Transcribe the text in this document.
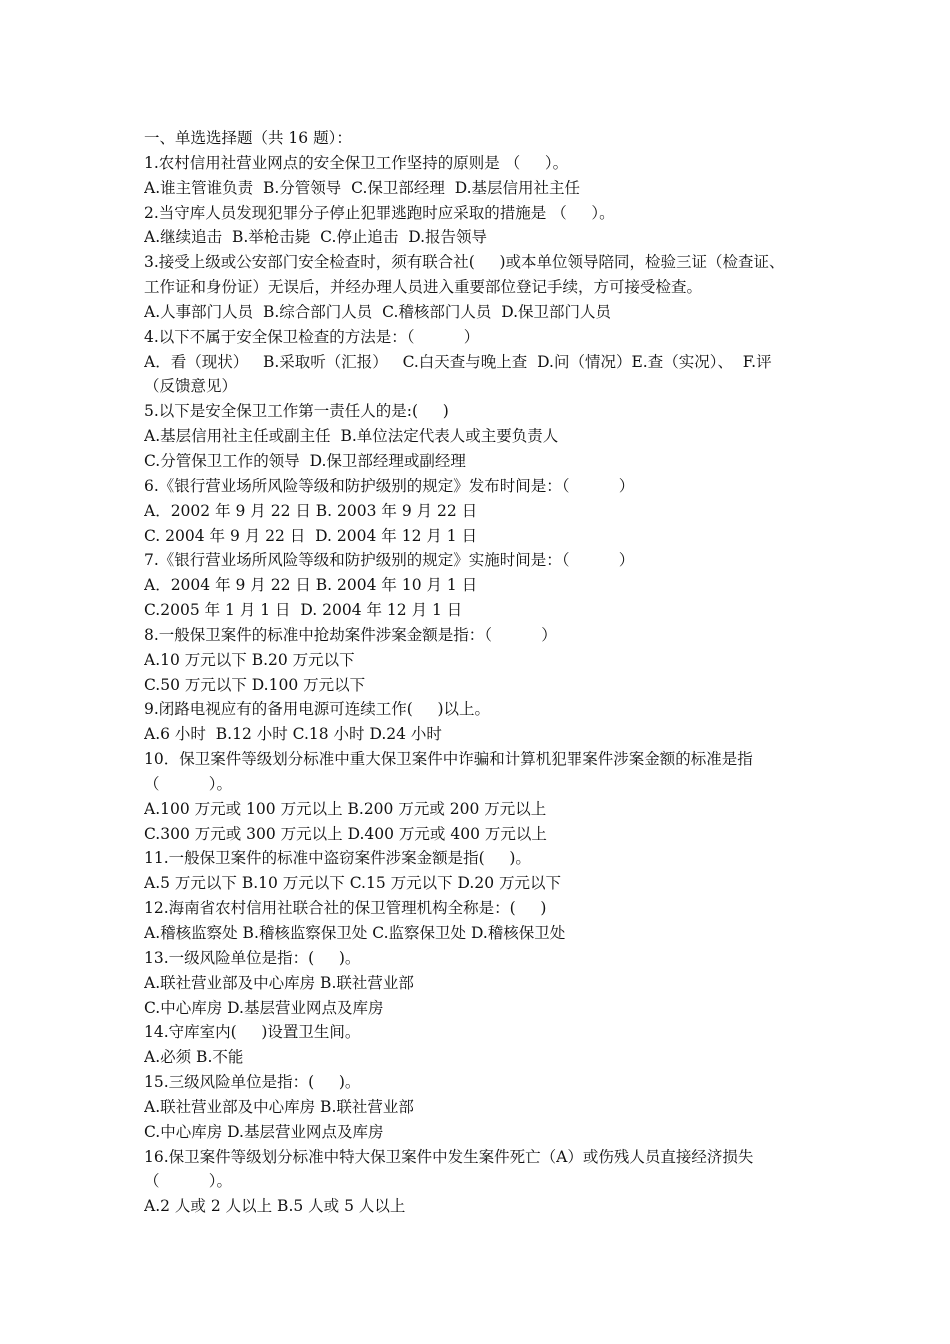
一、单选选择题（共 16 题）：
1.农村信用社营业网点的安全保卫工作坚持的原则是 （     ）。
A.谁主管谁负责  B.分管领导  C.保卫部经理  D.基层信用社主任
2.当守库人员发现犯罪分子停止犯罪逃跑时应采取的措施是 （     ）。
A.继续追击  B.举枪击毙  C.停止追击  D.报告领导
3.接受上级或公安部门安全检查时，须有联合社(     )或本单位领导陪同，检验三证（检查证、
工作证和身份证）无误后，并经办理人员进入重要部位登记手续，方可接受检查。
A.人事部门人员  B.综合部门人员  C.稽核部门人员  D.保卫部门人员
4.以下不属于安全保卫检查的方法是：（          ）
A．看（现状）   B.采取听（汇报）   C.白天查与晚上查  D.问（情况）E.查（实况）、  F.评
（反馈意见）
5.以下是安全保卫工作第一责任人的是:(     )
A.基层信用社主任或副主任  B.单位法定代表人或主要负责人
C.分管保卫工作的领导  D.保卫部经理或副经理
6.《银行营业场所风险等级和防护级别的规定》发布时间是：（          ）
A．2002 年 9 月 22 日 B. 2003 年 9 月 22 日
C. 2004 年 9 月 22 日  D. 2004 年 12 月 1 日
7.《银行营业场所风险等级和防护级别的规定》实施时间是：（          ）
A．2004 年 9 月 22 日 B. 2004 年 10 月 1 日
C.2005 年 1 月 1 日  D. 2004 年 12 月 1 日
8.一般保卫案件的标准中抢劫案件涉案金额是指：（          ）
A.10 万元以下 B.20 万元以下
C.50 万元以下 D.100 万元以下
9.闭路电视应有的备用电源可连续工作(     )以上。
A.6 小时  B.12 小时 C.18 小时 D.24 小时
10．保卫案件等级划分标准中重大保卫案件中诈骗和计算机犯罪案件涉案金额的标准是指
（          ）。
A.100 万元或 100 万元以上 B.200 万元或 200 万元以上
C.300 万元或 300 万元以上 D.400 万元或 400 万元以上
11.一般保卫案件的标准中盗窃案件涉案金额是指(     )。
A.5 万元以下 B.10 万元以下 C.15 万元以下 D.20 万元以下
12.海南省农村信用社联合社的保卫管理机构全称是：(     )
A.稽核监察处 B.稽核监察保卫处 C.监察保卫处 D.稽核保卫处
13.一级风险单位是指：(     )。
A.联社营业部及中心库房 B.联社营业部
C.中心库房 D.基层营业网点及库房
14.守库室内(     )设置卫生间。
A.必须 B.不能
15.三级风险单位是指：(     )。
A.联社营业部及中心库房 B.联社营业部
C.中心库房 D.基层营业网点及库房
16.保卫案件等级划分标准中特大保卫案件中发生案件死亡（A）或伤残人员直接经济损失
（          ）。
A.2 人或 2 人以上 B.5 人或 5 人以上
